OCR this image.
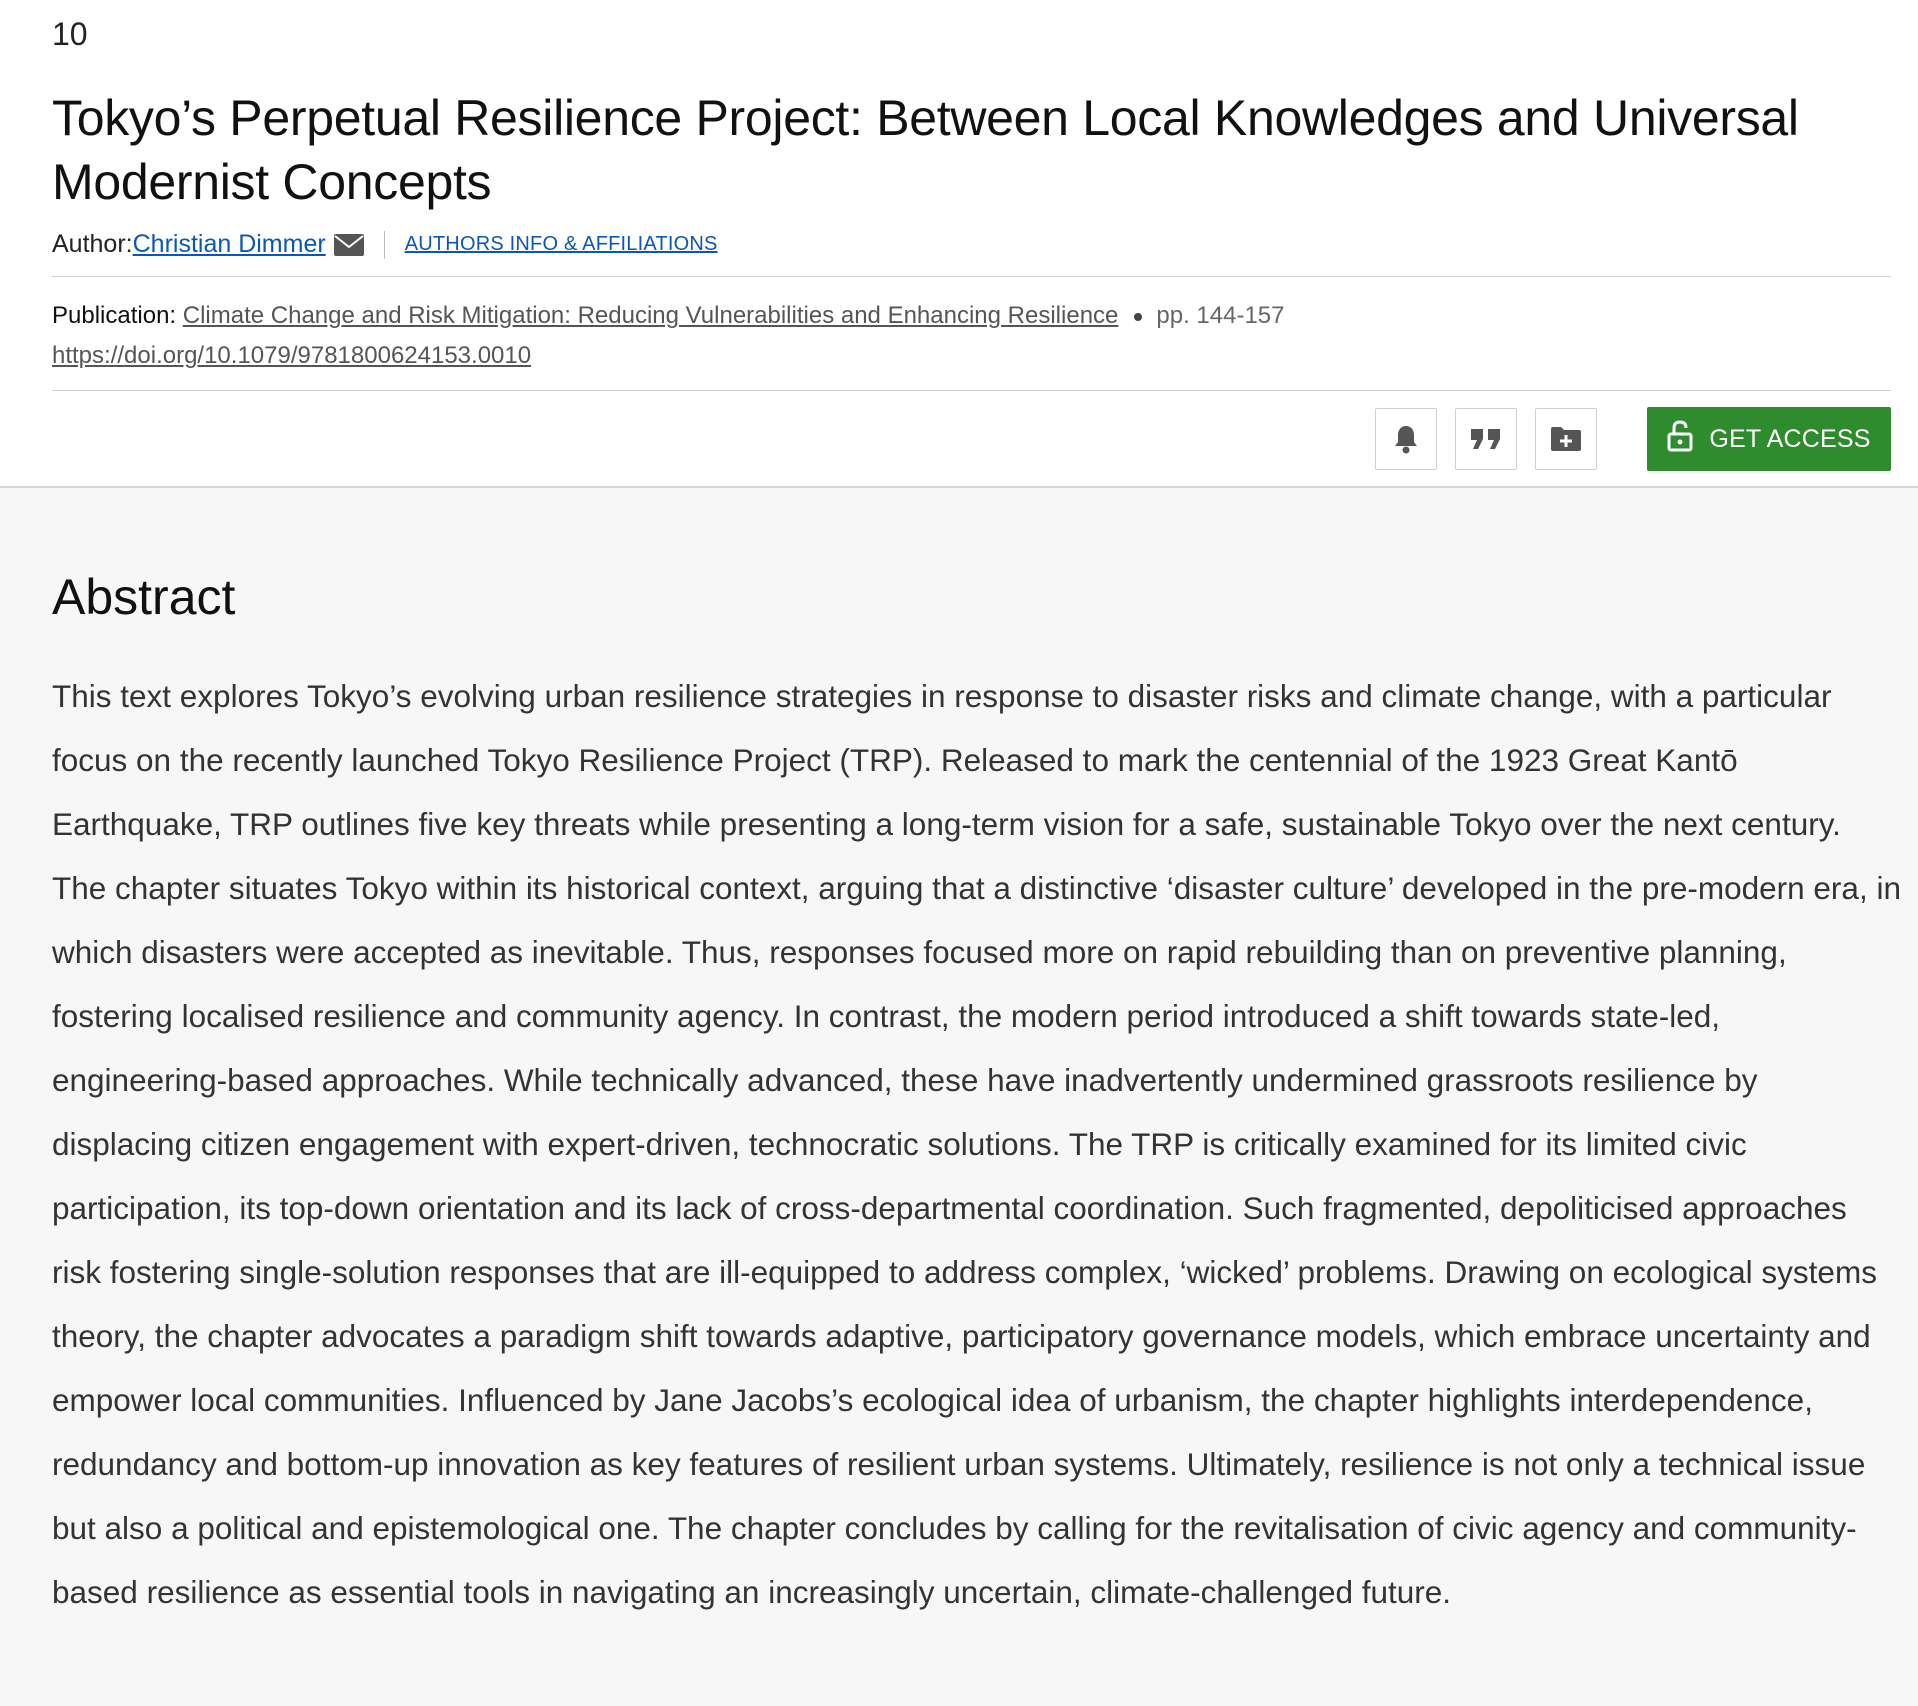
10
Tokyo’s Perpetual Resilience Project: Between Local Knowledges and Universal Modernist Concepts
Author: Christian Dimmer	AUTHORS INFO & AFFILIATIONS
Publication: Climate Change and Risk Mitigation: Reducing Vulnerabilities and Enhancing Resilience pp. 144-157
https://doi.org/10.1079/9781800624153.0010
GET ACCESS
Abstract

This text explores Tokyo’s evolving urban resilience strategies in response to disaster risks and climate change, with a particular focus on the recently launched Tokyo Resilience Project (TRP). Released to mark the centennial of the 1923 Great Kantō Earthquake, TRP outlines five key threats while presenting a long-term vision for a safe, sustainable Tokyo over the next century. The chapter situates Tokyo within its historical context, arguing that a distinctive ‘disaster culture’ developed in the pre-modern era, in which disasters were accepted as inevitable. Thus, responses focused more on rapid rebuilding than on preventive planning, fostering localised resilience and community agency. In contrast, the modern period introduced a shift towards state-led, engineering-based approaches. While technically advanced, these have inadvertently undermined grassroots resilience by displacing citizen engagement with expert-driven, technocratic solutions. The TRP is critically examined for its limited civic participation, its top-down orientation and its lack of cross-departmental coordination. Such fragmented, depoliticised approaches risk fostering single-solution responses that are ill-equipped to address complex, ‘wicked’ problems. Drawing on ecological systems theory, the chapter advocates a paradigm shift towards adaptive, participatory governance models, which embrace uncertainty and empower local communities. Influenced by Jane Jacobs’s ecological idea of urbanism, the chapter highlights interdependence, redundancy and bottom-up innovation as key features of resilient urban systems. Ultimately, resilience is not only a technical issue but also a political and epistemological one. The chapter concludes by calling for the revitalisation of civic agency and community-based resilience as essential tools in navigating an increasingly uncertain, climate-challenged future.
